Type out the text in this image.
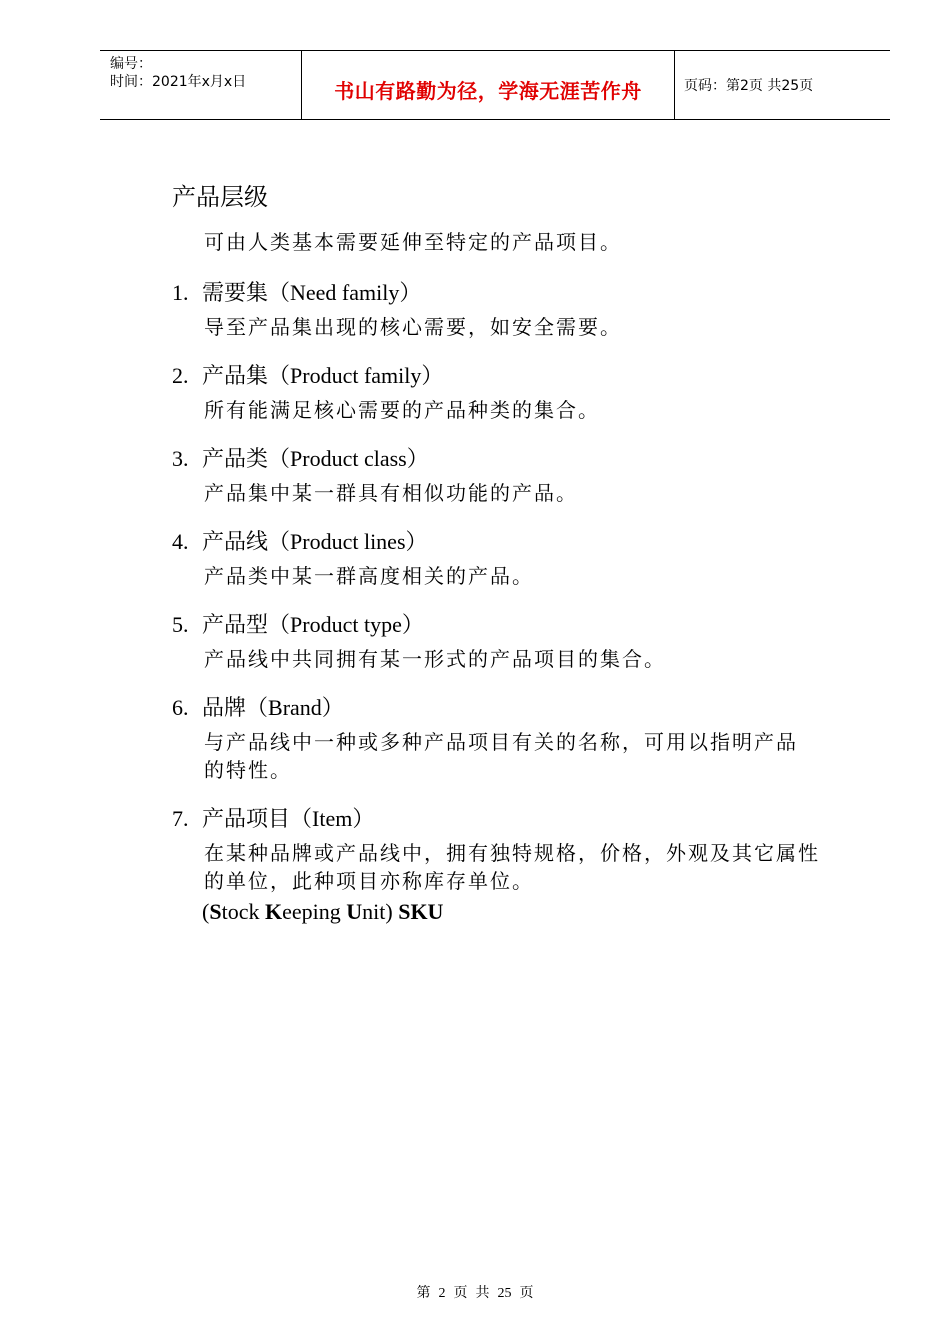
编号：
时间：2021年x月x日	书山有路勤为径，学海无涯苦作舟	页码：第2页 共25页
产品层级
可由人类基本需要延伸至特定的产品项目。
1. 需要集（Need family）
导至产品集出现的核心需要，如安全需要。
2. 产品集（Product family）
所有能满足核心需要的产品种类的集合。
3. 产品类（Product class）
产品集中某一群具有相似功能的产品。
4. 产品线（Product lines）
产品类中某一群高度相关的产品。
5. 产品型（Product type）
产品线中共同拥有某一形式的产品项目的集合。
6. 品牌（Brand）
与产品线中一种或多种产品项目有关的名称，可用以指明产品的特性。
7. 产品项目（Item）
在某种品牌或产品线中，拥有独特规格，价格，外观及其它属性的单位，此种项目亦称库存单位。
(Stock Keeping Unit) SKU
第 2 页 共 25 页
